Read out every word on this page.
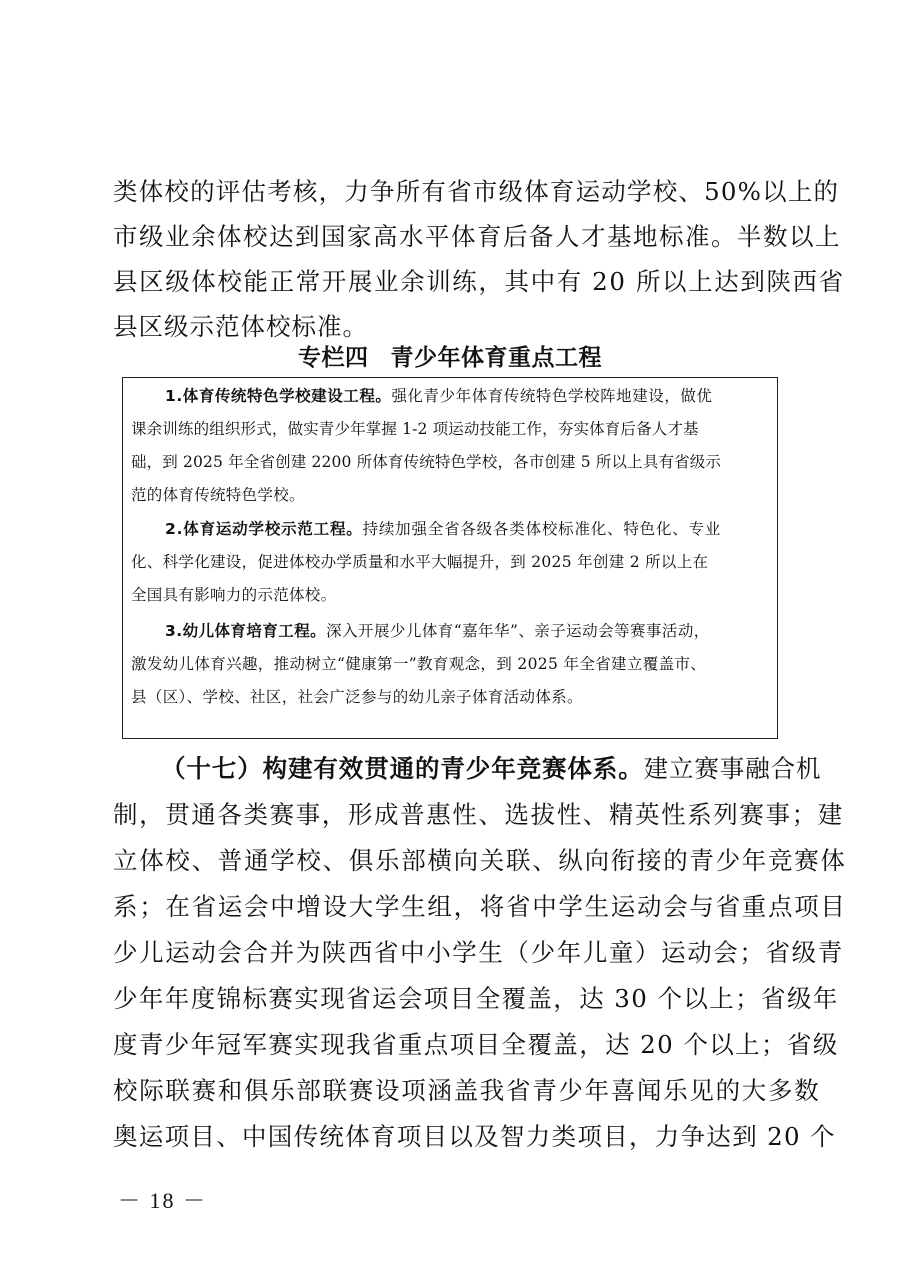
类体校的评估考核，力争所有省市级体育运动学校、50%以上的
市级业余体校达到国家高水平体育后备人才基地标准。半数以上
县区级体校能正常开展业余训练，其中有 20 所以上达到陕西省
县区级示范体校标准。
专栏四 青少年体育重点工程
1.体育传统特色学校建设工程。强化青少年体育传统特色学校阵地建设，做优
课余训练的组织形式，做实青少年掌握 1-2 项运动技能工作，夯实体育后备人才基
础，到 2025 年全省创建 2200 所体育传统特色学校，各市创建 5 所以上具有省级示
范的体育传统特色学校。
2.体育运动学校示范工程。持续加强全省各级各类体校标准化、特色化、专业
化、科学化建设，促进体校办学质量和水平大幅提升，到 2025 年创建 2 所以上在
全国具有影响力的示范体校。
3.幼儿体育培育工程。深入开展少儿体育“嘉年华”、亲子运动会等赛事活动，
激发幼儿体育兴趣，推动树立“健康第一”教育观念，到 2025 年全省建立覆盖市、
县（区）、学校、社区，社会广泛参与的幼儿亲子体育活动体系。
（十七）构建有效贯通的青少年竞赛体系。建立赛事融合机
制，贯通各类赛事，形成普惠性、选拔性、精英性系列赛事；建
立体校、普通学校、俱乐部横向关联、纵向衔接的青少年竞赛体
系；在省运会中增设大学生组，将省中学生运动会与省重点项目
少儿运动会合并为陕西省中小学生（少年儿童）运动会；省级青
少年年度锦标赛实现省运会项目全覆盖，达 30 个以上；省级年
度青少年冠军赛实现我省重点项目全覆盖，达 20 个以上；省级
校际联赛和俱乐部联赛设项涵盖我省青少年喜闻乐见的大多数
奥运项目、中国传统体育项目以及智力类项目，力争达到 20 个
－ 18 －
